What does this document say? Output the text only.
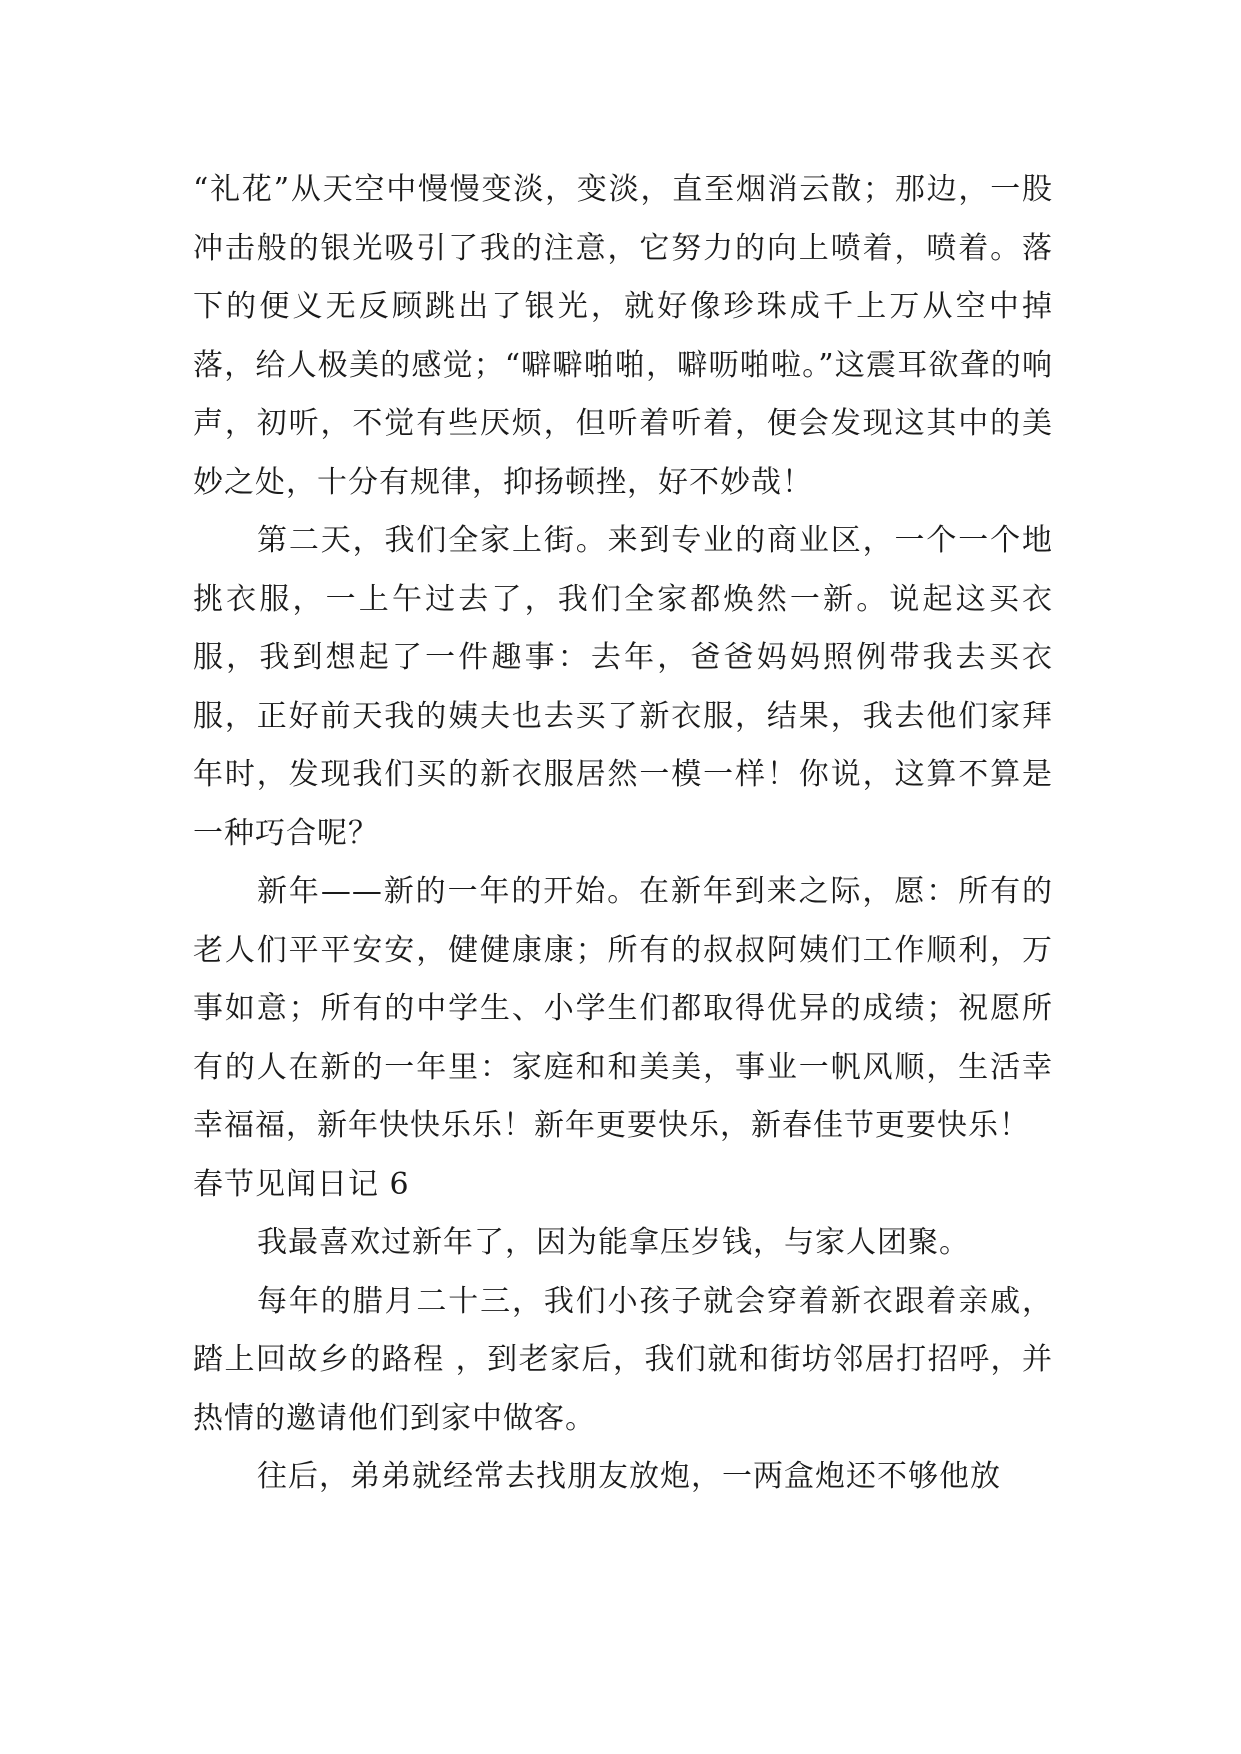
“礼花”从天空中慢慢变淡，变淡，直至烟消云散；那边，一股冲击般的银光吸引了我的注意，它努力的向上喷着，喷着。落下的便义无反顾跳出了银光，就好像珍珠成千上万从空中掉落，给人极美的感觉；“噼噼啪啪，噼呖啪啦。”这震耳欲聋的响声，初听，不觉有些厌烦，但听着听着，便会发现这其中的美妙之处，十分有规律，抑扬顿挫，好不妙哉！

第二天，我们全家上街。来到专业的商业区，一个一个地挑衣服，一上午过去了，我们全家都焕然一新。说起这买衣服，我到想起了一件趣事：去年，爸爸妈妈照例带我去买衣服，正好前天我的姨夫也去买了新衣服，结果，我去他们家拜年时，发现我们买的新衣服居然一模一样！你说，这算不算是一种巧合呢？

新年——新的一年的开始。在新年到来之际，愿：所有的老人们平平安安，健健康康；所有的叔叔阿姨们工作顺利，万事如意；所有的中学生、小学生们都取得优异的成绩；祝愿所有的人在新的一年里：家庭和和美美，事业一帆风顺，生活幸幸福福，新年快快乐乐！新年更要快乐，新春佳节更要快乐！

春节见闻日记 6

我最喜欢过新年了，因为能拿压岁钱，与家人团聚。

每年的腊月二十三，我们小孩子就会穿着新衣跟着亲戚，踏上回故乡的路程 ，到老家后，我们就和街坊邻居打招呼，并热情的邀请他们到家中做客。

往后，弟弟就经常去找朋友放炮，一两盒炮还不够他放
